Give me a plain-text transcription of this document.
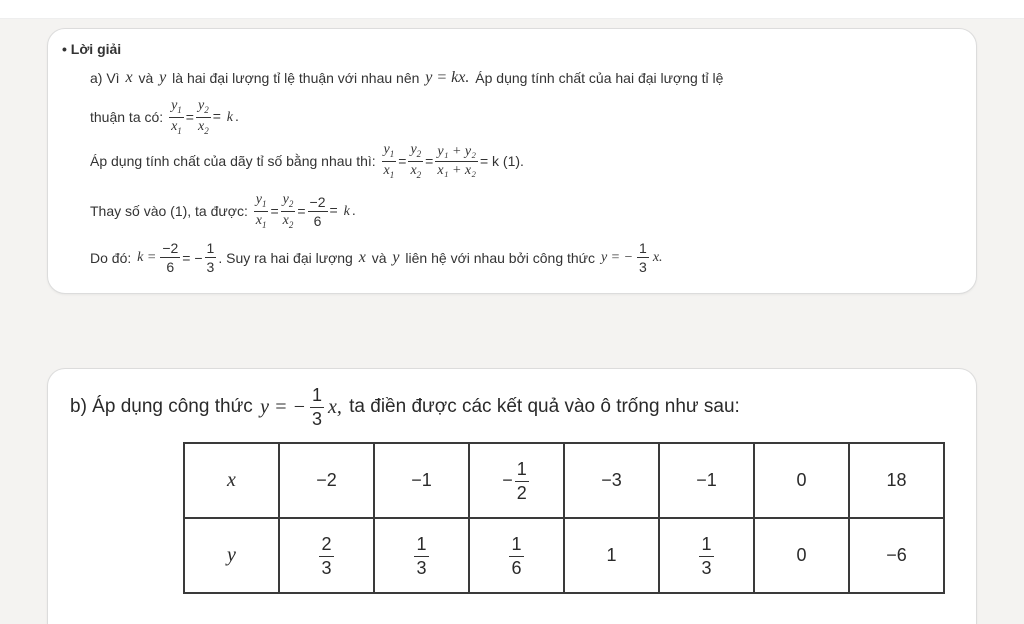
• Lời giải
a) Vì
x
và
y
là hai đại lượng tỉ lệ thuận với nhau nên
y = kx.
Áp dụng tính chất của hai đại lượng tỉ lệ
thuận ta có:
$\frac{y_1}{x_1} = \frac{y_2}{x_2} = k$ .
Áp dụng tính chất của dãy tỉ số bằng nhau thì:
$\frac{y_1}{x_1} = \frac{y_2}{x_2} = \frac{\text{y₁ + y₂}}{\text{x₁ + x₂}} = k$ (1).
Thay số vào (1), ta được:
$\frac{y_1}{x_1} = \frac{y_2}{x_2} = \frac{-2}{6} = k$ .
Do đó:
$k = \frac{-2}{6}$ = − $\frac{1}{3}$ . Suy ra hai đại lượng
x
và
y
liên hệ với nhau bởi công thức
y = − $\frac{1}{3} x$.
b) Áp dụng công thức
y = − $\frac{1}{3} x$,
ta điền được các kết quả vào ô trống như sau:
x	−2	−1	− $\frac{1}{2}$	−3	−1	0	18
y	$\frac{2}{3}$	$\frac{1}{3}$	$\frac{1}{6}$	1	$\frac{1}{3}$	0	−6
